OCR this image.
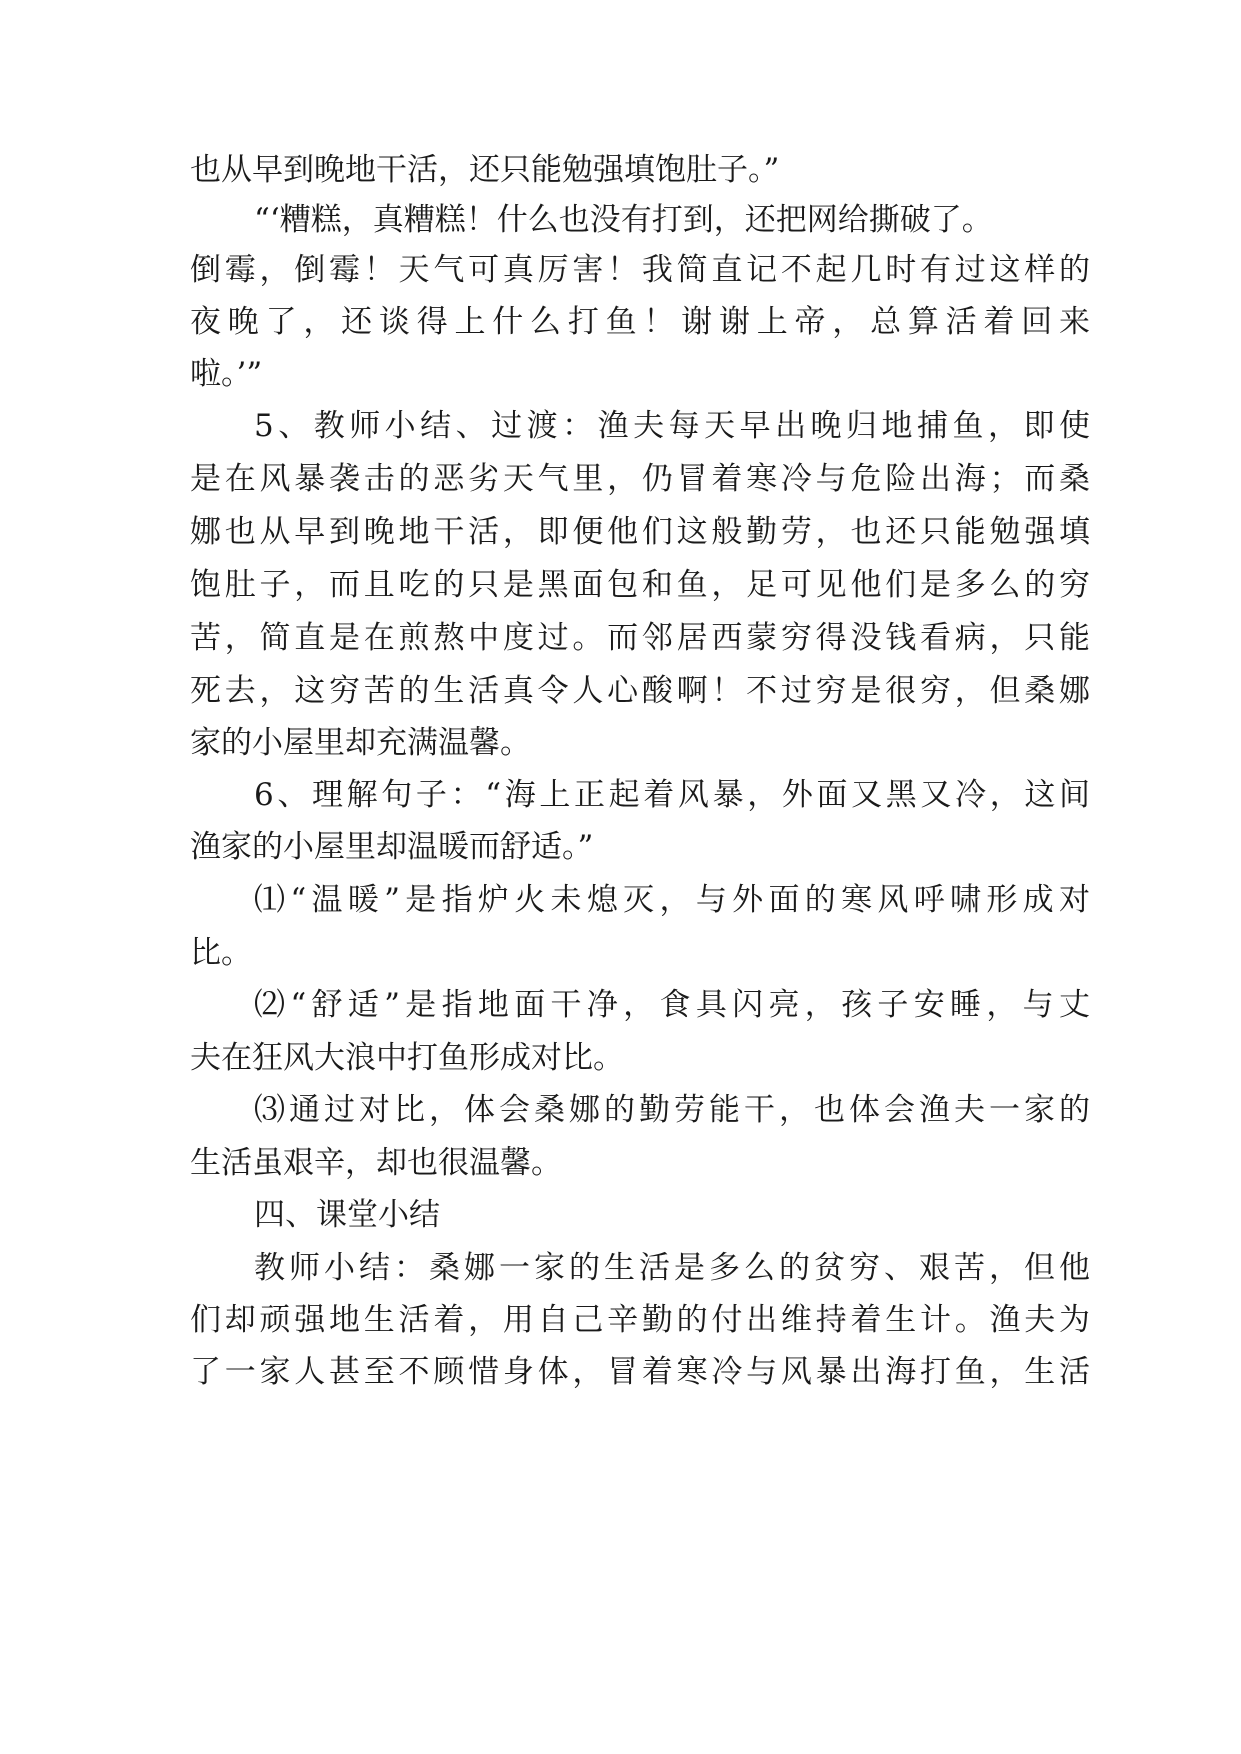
也从早到晚地干活，还只能勉强填饱肚子。”
“‘糟糕，真糟糕！什么也没有打到，还把网给撕破了。
倒霉，倒霉！天气可真厉害！我简直记不起几时有过这样的
夜晚了，还谈得上什么打鱼！谢谢上帝，总算活着回来
啦。’”
5、教师小结、过渡：渔夫每天早出晚归地捕鱼，即使
是在风暴袭击的恶劣天气里，仍冒着寒冷与危险出海；而桑
娜也从早到晚地干活，即便他们这般勤劳，也还只能勉强填
饱肚子，而且吃的只是黑面包和鱼，足可见他们是多么的穷
苦，简直是在煎熬中度过。而邻居西蒙穷得没钱看病，只能
死去，这穷苦的生活真令人心酸啊！不过穷是很穷，但桑娜
家的小屋里却充满温馨。
6、理解句子：“海上正起着风暴，外面又黑又冷，这间
渔家的小屋里却温暖而舒适。”
⑴“温暖”是指炉火未熄灭，与外面的寒风呼啸形成对
比。
⑵“舒适”是指地面干净，食具闪亮，孩子安睡，与丈
夫在狂风大浪中打鱼形成对比。
⑶通过对比，体会桑娜的勤劳能干，也体会渔夫一家的
生活虽艰辛，却也很温馨。
四、课堂小结
教师小结：桑娜一家的生活是多么的贫穷、艰苦，但他
们却顽强地生活着，用自己辛勤的付出维持着生计。渔夫为
了一家人甚至不顾惜身体，冒着寒冷与风暴出海打鱼，生活
